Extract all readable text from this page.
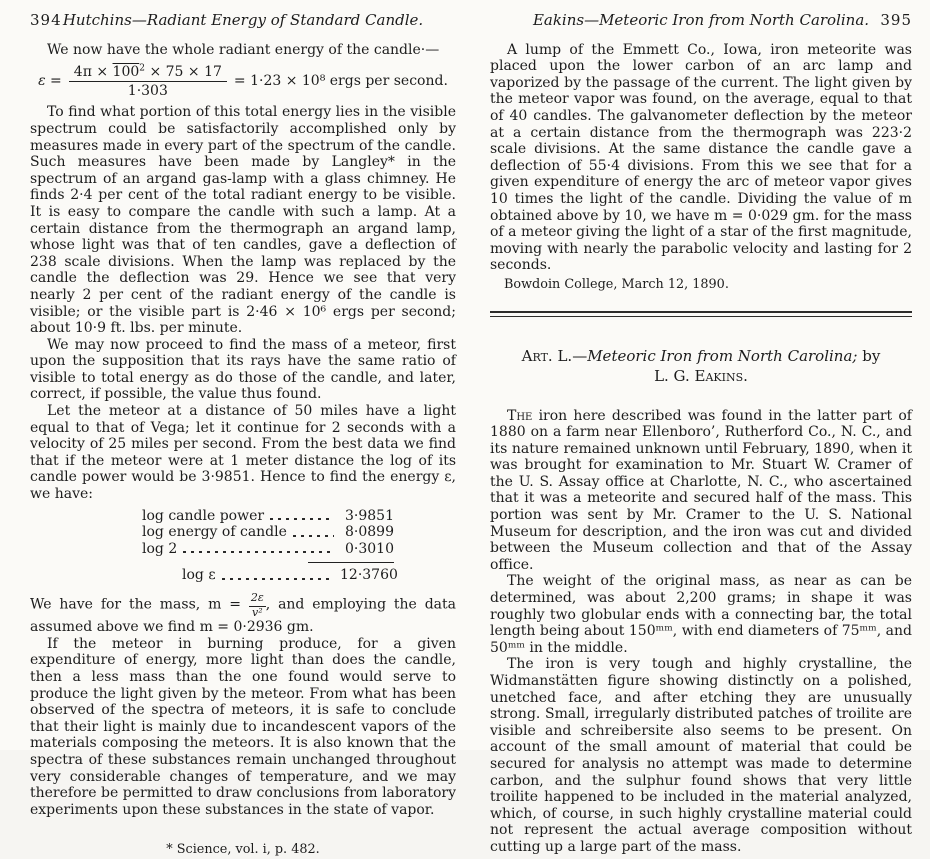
394 Hutchins—Radiant Energy of Standard Candle.

We now have the whole radiant energy of the candle·—

$\varepsilon = \frac{4\pi \times 100^2 \times 75 \times 17}{1\cdot 303} = 1\cdot 23 \times 10^8$ ergs per second.

To find what portion of this total energy lies in the visible spectrum could be satisfactorily accomplished only by measures made in every part of the spectrum of the candle. Such measures have been made by Langley* in the spectrum of an argand gas-lamp with a glass chimney. He finds 2·4 per cent of the total radiant energy to be visible. It is easy to compare the candle with such a lamp. At a certain distance from the thermograph an argand lamp, whose light was that of ten candles, gave a deflection of 238 scale divisions. When the lamp was replaced by the candle the deflection was 29. Hence we see that very nearly 2 per cent of the radiant energy of the candle is visible; or the visible part is 2·46 × 10⁶ ergs per second; about 10·9 ft. lbs. per minute.

We may now proceed to find the mass of a meteor, first upon the supposition that its rays have the same ratio of visible to total energy as do those of the candle, and later, correct, if possible, the value thus found.

Let the meteor at a distance of 50 miles have a light equal to that of Vega; let it continue for 2 seconds with a velocity of 25 miles per second. From the best data we find that if the meteor were at 1 meter distance the log of its candle power would be 3·9851. Hence to find the energy ε, we have:

log candle power	3·9851
log energy of candle	8·0899
log 2	0·3010
log ε	12·3760

We have for the mass, $m = \frac{2\varepsilon}{\text{v²}}$ , and employing the data assumed above we find m = 0·2936 gm.

If the meteor in burning produce, for a given expenditure of energy, more light than does the candle, then a less mass than the one found would serve to produce the light given by the meteor. From what has been observed of the spectra of meteors, it is safe to conclude that their light is mainly due to incandescent vapors of the materials composing the meteors. It is also known that the spectra of these substances remain unchanged throughout very considerable changes of temperature, and we may therefore be permitted to draw conclusions from laboratory experiments upon these substances in the state of vapor.

* Science, vol. i, p. 482.

Eakins—Meteoric Iron from North Carolina. 395

A lump of the Emmett Co., Iowa, iron meteorite was placed upon the lower carbon of an arc lamp and vaporized by the passage of the current. The light given by the meteor vapor was found, on the average, equal to that of 40 candles. The galvanometer deflection by the meteor at a certain distance from the thermograph was 223·2 scale divisions. At the same distance the candle gave a deflection of 55·4 divisions. From this we see that for a given expenditure of energy the arc of meteor vapor gives 10 times the light of the candle. Dividing the value of m obtained above by 10, we have m = 0·029 gm. for the mass of a meteor giving the light of a star of the first magnitude, moving with nearly the parabolic velocity and lasting for 2 seconds.

Bowdoin College, March 12, 1890.

Art. L.—Meteoric Iron from North Carolina; by
L. G. Eakins.

The iron here described was found in the latter part of 1880 on a farm near Ellenboro’, Rutherford Co., N. C., and its nature remained unknown until February, 1890, when it was brought for examination to Mr. Stuart W. Cramer of the U. S. Assay office at Charlotte, N. C., who ascertained that it was a meteorite and secured half of the mass. This portion was sent by Mr. Cramer to the U. S. National Museum for description, and the iron was cut and divided between the Museum collection and that of the Assay office.

The weight of the original mass, as near as can be determined, was about 2,200 grams; in shape it was roughly two globular ends with a connecting bar, the total length being about 150ᵐᵐ, with end diameters of 75ᵐᵐ, and 50ᵐᵐ in the middle.

The iron is very tough and highly crystalline, the Widmanstätten figure showing distinctly on a polished, unetched face, and after etching they are unusually strong. Small, irregularly distributed patches of troilite are visible and schreibersite also seems to be present. On account of the small amount of material that could be secured for analysis no attempt was made to determine carbon, and the sulphur found shows that very little troilite happened to be included in the material analyzed, which, of course, in such highly crystalline material could not represent the actual average composition without cutting up a large part of the mass.
